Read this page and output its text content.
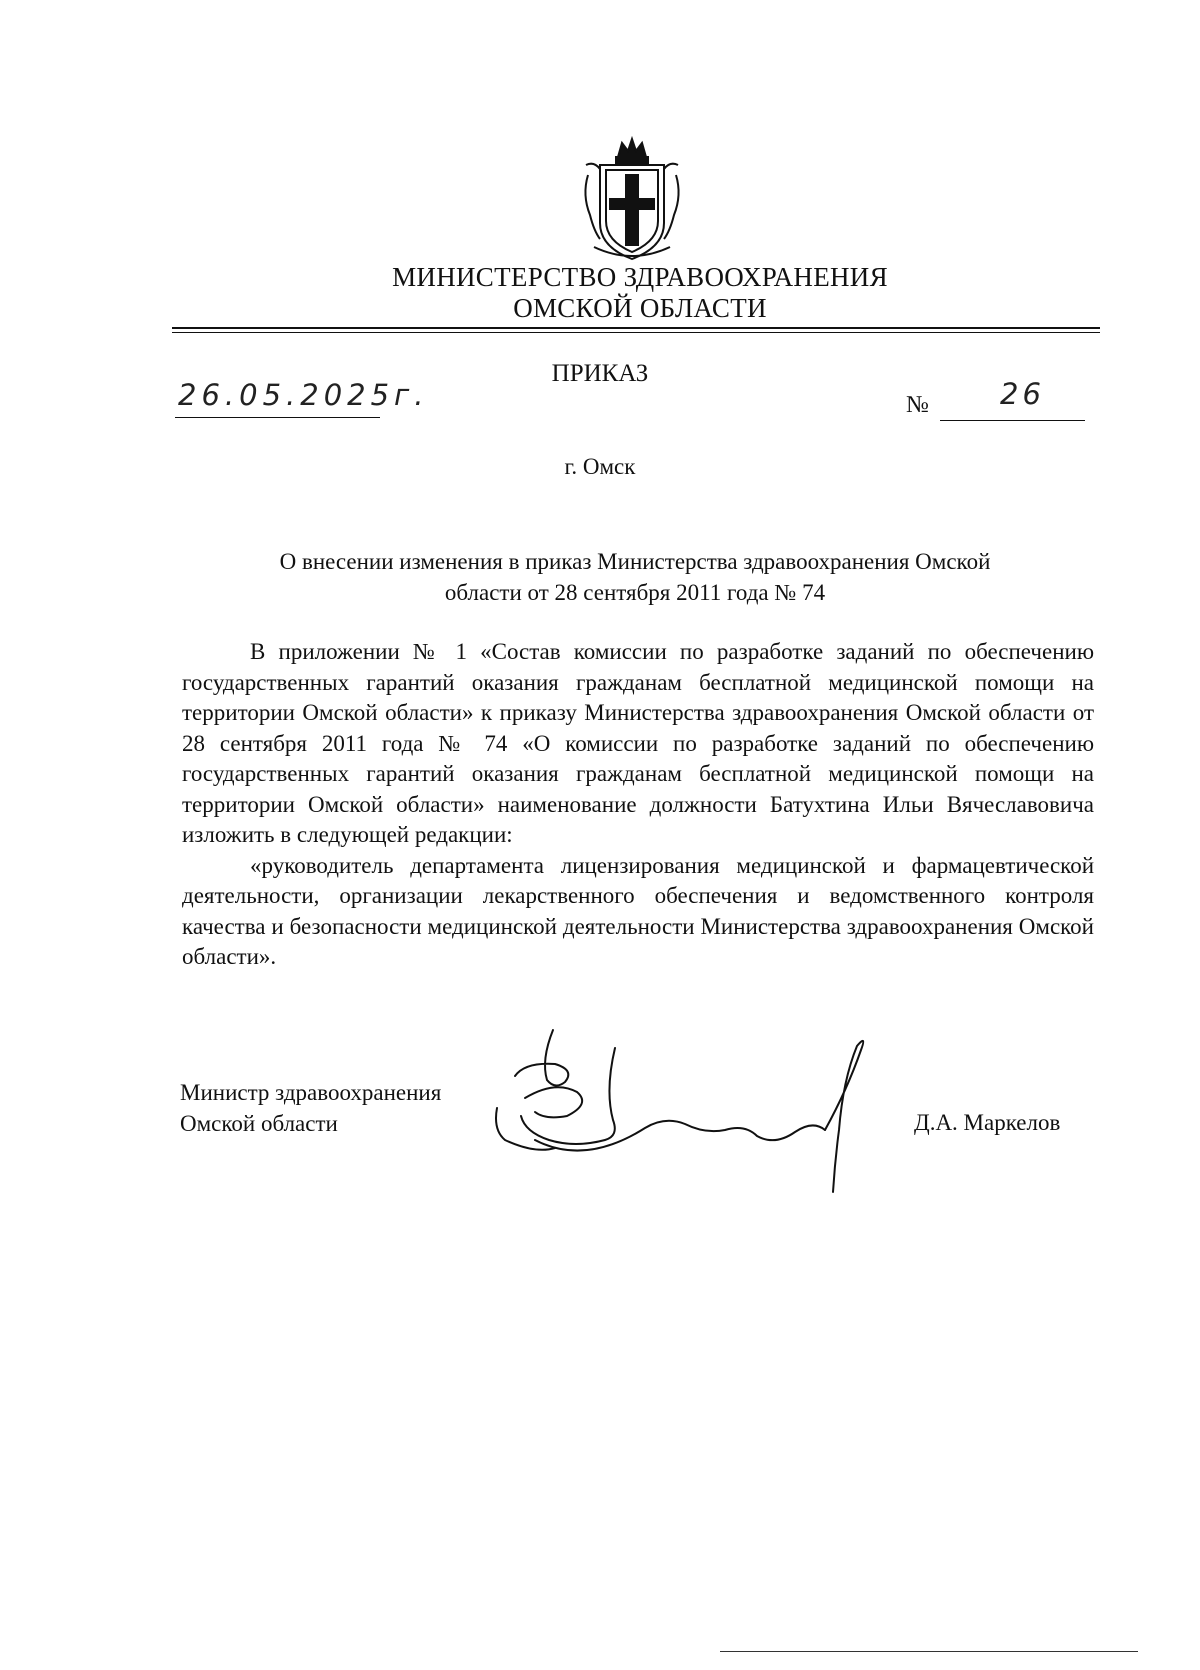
МИНИСТЕРСТВО ЗДРАВООХРАНЕНИЯ
ОМСКОЙ ОБЛАСТИ
ПРИКАЗ
26.05.2025г.	№ 26
г. Омск
О внесении изменения в приказ Министерства здравоохранения Омской
области от 28 сентября 2011 года № 74

В приложении № 1 «Состав комиссии по разработке заданий по обеспечению государственных гарантий оказания гражданам бесплатной медицинской помощи на территории Омской области» к приказу Министерства здравоохранения Омской области от 28 сентября 2011 года № 74 «О комиссии по разработке заданий по обеспечению государственных гарантий оказания гражданам бесплатной медицинской помощи на территории Омской области» наименование должности Батухтина Ильи Вячеславовича изложить в следующей редакции:

«руководитель департамента лицензирования медицинской и фармацевтической деятельности, организации лекарственного обеспечения и ведомственного контроля качества и безопасности медицинской деятельности Министерства здравоохранения Омской области».

Министр здравоохранения
Омской области	Д.А. Маркелов
